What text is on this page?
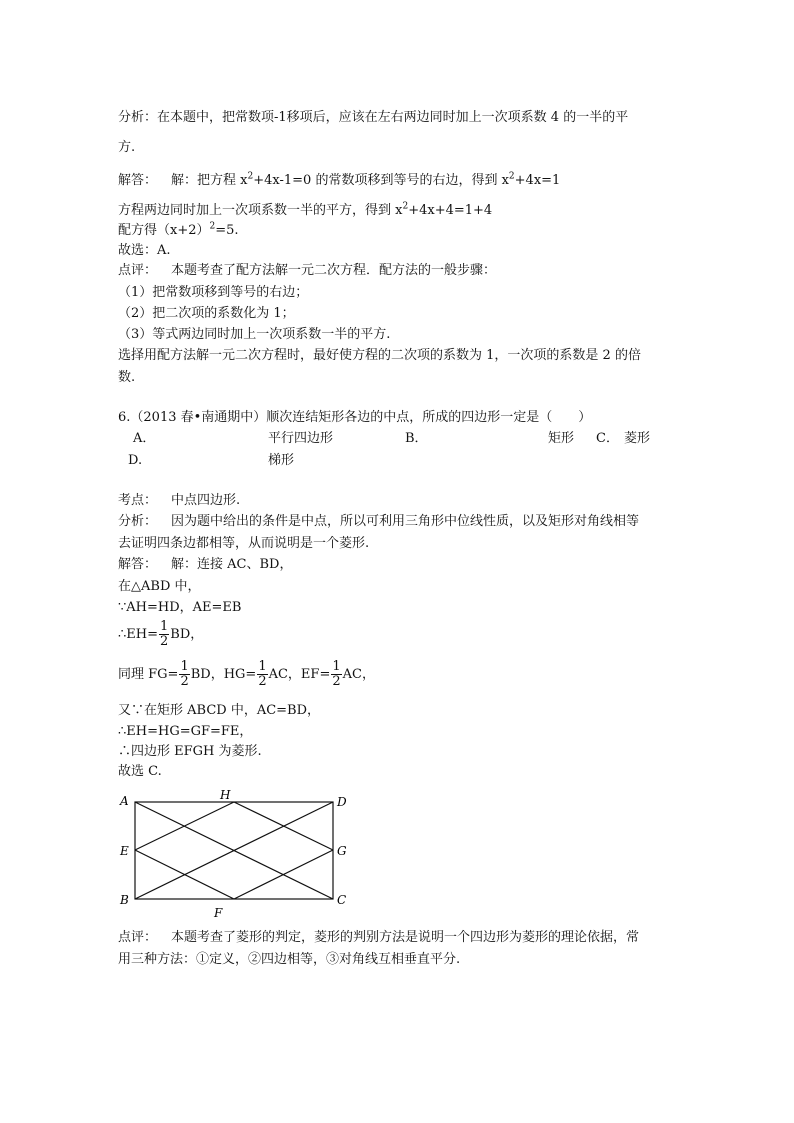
分析：在本题中，把常数项-1移项后，应该在左右两边同时加上一次项系数 4 的一半的平
方.
解答： 解：把方程 $x^2+4x-1=0$ 的常数项移到等号的右边，得到 $x^2+4x=1$
方程两边同时加上一次项系数一半的平方，得到 $x^2+4x+4=1+4$
配方得$(x+2)^2=5$.
故选：A.
点评： 本题考查了配方法解一元二次方程．配方法的一般步骤：
（1）把常数项移到等号的右边；
（2）把二次项的系数化为 1；
（3）等式两边同时加上一次项系数一半的平方.
选择用配方法解一元二次方程时，最好使方程的二次项的系数为 1，一次项的系数是 2 的倍
数.
6.（2013 春•南通期中）顺次连结矩形各边的中点，所成的四边形一定是（　　）
A．	平行四边形	B．	矩形 C． 菱形
D.	梯形
考点： 中点四边形.
分析： 因为题中给出的条件是中点，所以可利用三角形中位线性质，以及矩形对角线相等
去证明四条边都相等，从而说明是一个菱形.
解答： 解：连接 AC、BD，
在△ABD 中，
∵AH=HD，AE=EB
∴EH= $\frac{1}{2}$ BD，
同理 $FG= \frac{1}{2}$ BD，$HG= \frac{1}{2}$ AC，$EF= \frac{1}{2}$ AC，
又∵在矩形 ABCD 中，AC=BD，
∴EH=HG=GF=FE，
∴四边形 EFGH 为菱形.
故选 C.
A	H	D
E	G
B	C
F
点评： 本题考查了菱形的判定，菱形的判别方法是说明一个四边形为菱形的理论依据，常
用三种方法：①定义，②四边相等，③对角线互相垂直平分.
